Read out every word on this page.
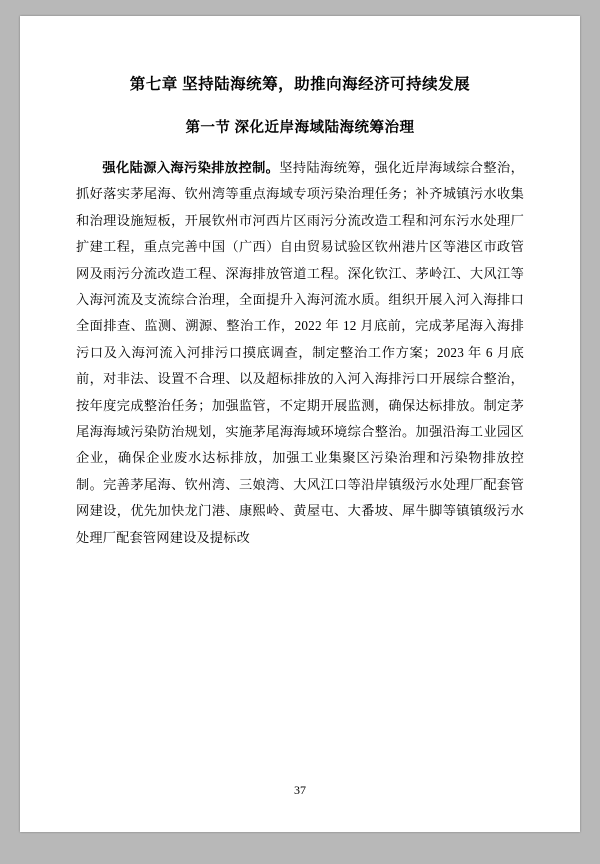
第七章 坚持陆海统筹，助推向海经济可持续发展
第一节 深化近岸海域陆海统筹治理

强化陆源入海污染排放控制。坚持陆海统筹，强化近岸海域综合整治，抓好落实茅尾海、钦州湾等重点海域专项污染治理任务；补齐城镇污水收集和治理设施短板，开展钦州市河西片区雨污分流改造工程和河东污水处理厂扩建工程，重点完善中国（广西）自由贸易试验区钦州港片区等港区市政管网及雨污分流改造工程、深海排放管道工程。深化钦江、茅岭江、大风江等入海河流及支流综合治理，全面提升入海河流水质。组织开展入河入海排口全面排查、监测、溯源、整治工作，2022 年 12 月底前，完成茅尾海入海排污口及入海河流入河排污口摸底调查，制定整治工作方案；2023 年 6 月底前，对非法、设置不合理、以及超标排放的入河入海排污口开展综合整治，按年度完成整治任务；加强监管，不定期开展监测，确保达标排放。制定茅尾海海域污染防治规划，实施茅尾海海域环境综合整治。加强沿海工业园区企业，确保企业废水达标排放，加强工业集聚区污染治理和污染物排放控制。完善茅尾海、钦州湾、三娘湾、大风江口等沿岸镇级污水处理厂配套管网建设，优先加快龙门港、康熙岭、黄屋屯、大番坡、犀牛脚等镇镇级污水处理厂配套管网建设及提标改

37
